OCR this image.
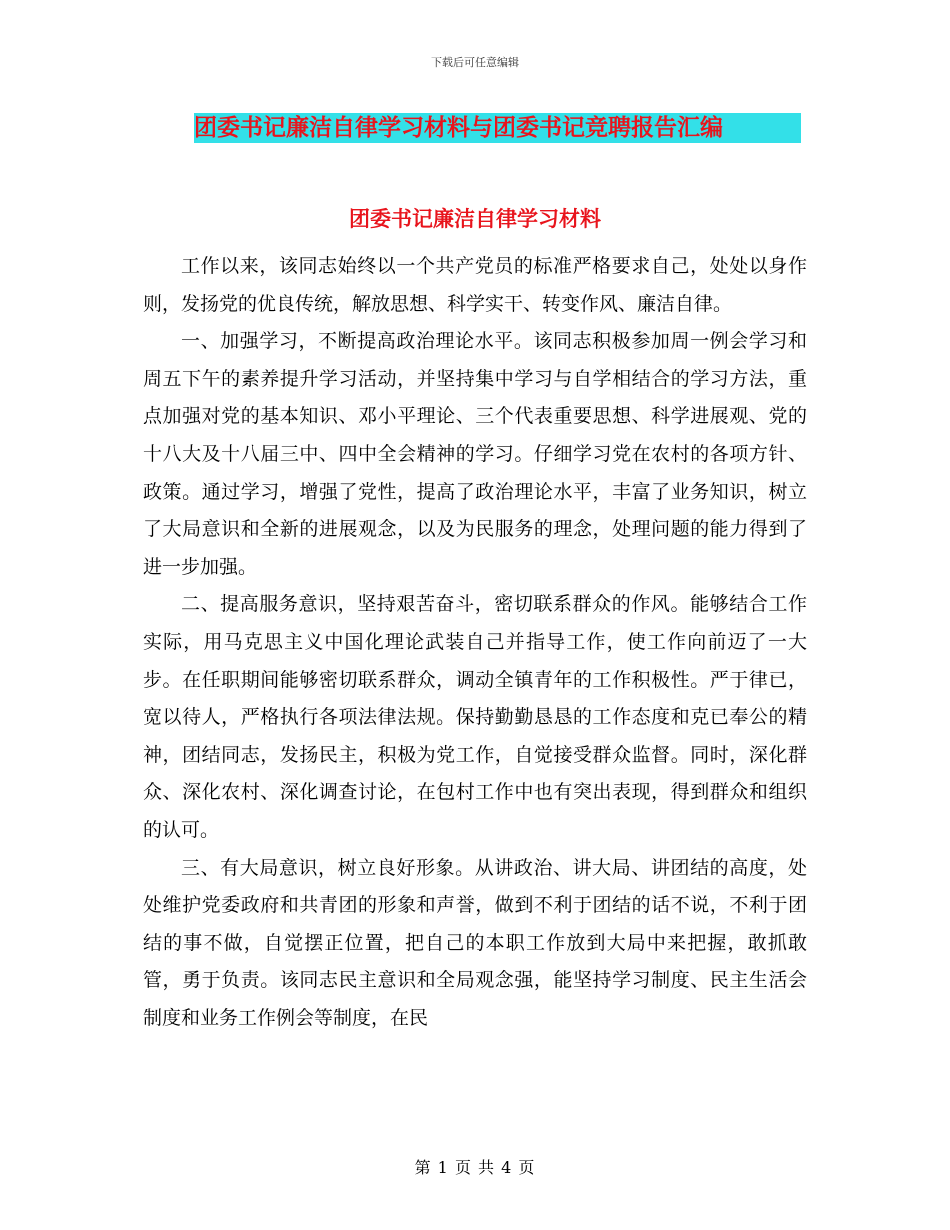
下载后可任意编辑
团委书记廉洁自律学习材料与团委书记竞聘报告汇编
团委书记廉洁自律学习材料

工作以来，该同志始终以一个共产党员的标准严格要求自己，处处以身作则，发扬党的优良传统，解放思想、科学实干、转变作风、廉洁自律。

一、加强学习，不断提高政治理论水平。该同志积极参加周一例会学习和周五下午的素养提升学习活动，并坚持集中学习与自学相结合的学习方法，重点加强对党的基本知识、邓小平理论、三个代表重要思想、科学进展观、党的十八大及十八届三中、四中全会精神的学习。仔细学习党在农村的各项方针、政策。通过学习，增强了党性，提高了政治理论水平，丰富了业务知识，树立了大局意识和全新的进展观念，以及为民服务的理念，处理问题的能力得到了进一步加强。

二、提高服务意识，坚持艰苦奋斗，密切联系群众的作风。能够结合工作实际，用马克思主义中国化理论武装自己并指导工作，使工作向前迈了一大步。在任职期间能够密切联系群众，调动全镇青年的工作积极性。严于律已，宽以待人，严格执行各项法律法规。保持勤勤恳恳的工作态度和克已奉公的精神，团结同志，发扬民主，积极为党工作，自觉接受群众监督。同时，深化群众、深化农村、深化调查讨论，在包村工作中也有突出表现，得到群众和组织的认可。

三、有大局意识，树立良好形象。从讲政治、讲大局、讲团结的高度，处处维护党委政府和共青团的形象和声誉，做到不利于团结的话不说，不利于团结的事不做，自觉摆正位置，把自己的本职工作放到大局中来把握，敢抓敢管，勇于负责。该同志民主意识和全局观念强，能坚持学习制度、民主生活会制度和业务工作例会等制度，在民

第 1 页 共 4 页
